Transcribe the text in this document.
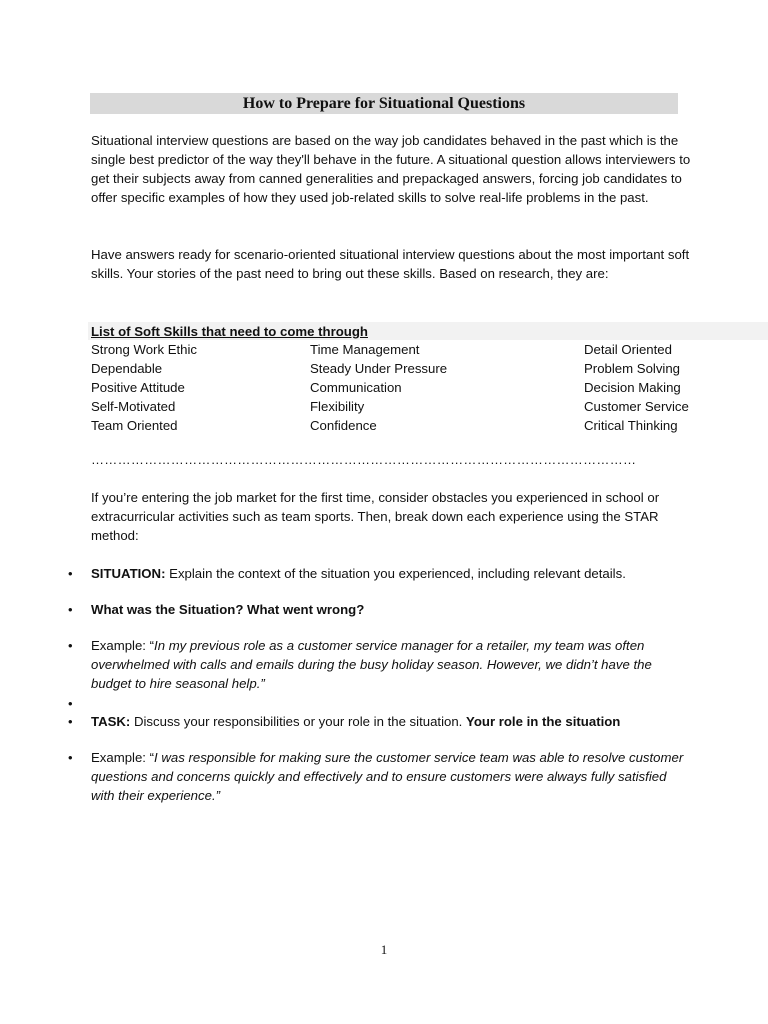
How to Prepare for Situational Questions
Situational interview questions are based on the way job candidates behaved in the past which is the single best predictor of the way they'll behave in the future. A situational question allows interviewers to get their subjects away from canned generalities and prepackaged answers, forcing job candidates to offer specific examples of how they used job-related skills to solve real-life problems in the past.
Have answers ready for scenario-oriented situational interview questions about the most important soft skills. Your stories of the past need to bring out these skills. Based on research, they are:
List of Soft Skills that need to come through
Strong Work Ethic
Dependable
Positive Attitude
Self-Motivated
Team Oriented
Time Management
Steady Under Pressure
Communication
Flexibility
Confidence
Detail Oriented
Problem Solving
Decision Making
Customer Service
Critical Thinking
……………………………………………………………………………………………………………
If you’re entering the job market for the first time, consider obstacles you experienced in school or extracurricular activities such as team sports. Then, break down each experience using the STAR method:
• SITUATION: Explain the context of the situation you experienced, including relevant details.
• What was the Situation? What went wrong?
• Example: “In my previous role as a customer service manager for a retailer, my team was often overwhelmed with calls and emails during the busy holiday season. However, we didn’t have the budget to hire seasonal help.”
•
• TASK: Discuss your responsibilities or your role in the situation. Your role in the situation
• Example: “I was responsible for making sure the customer service team was able to resolve customer questions and concerns quickly and effectively and to ensure customers were always fully satisfied with their experience.”
1
